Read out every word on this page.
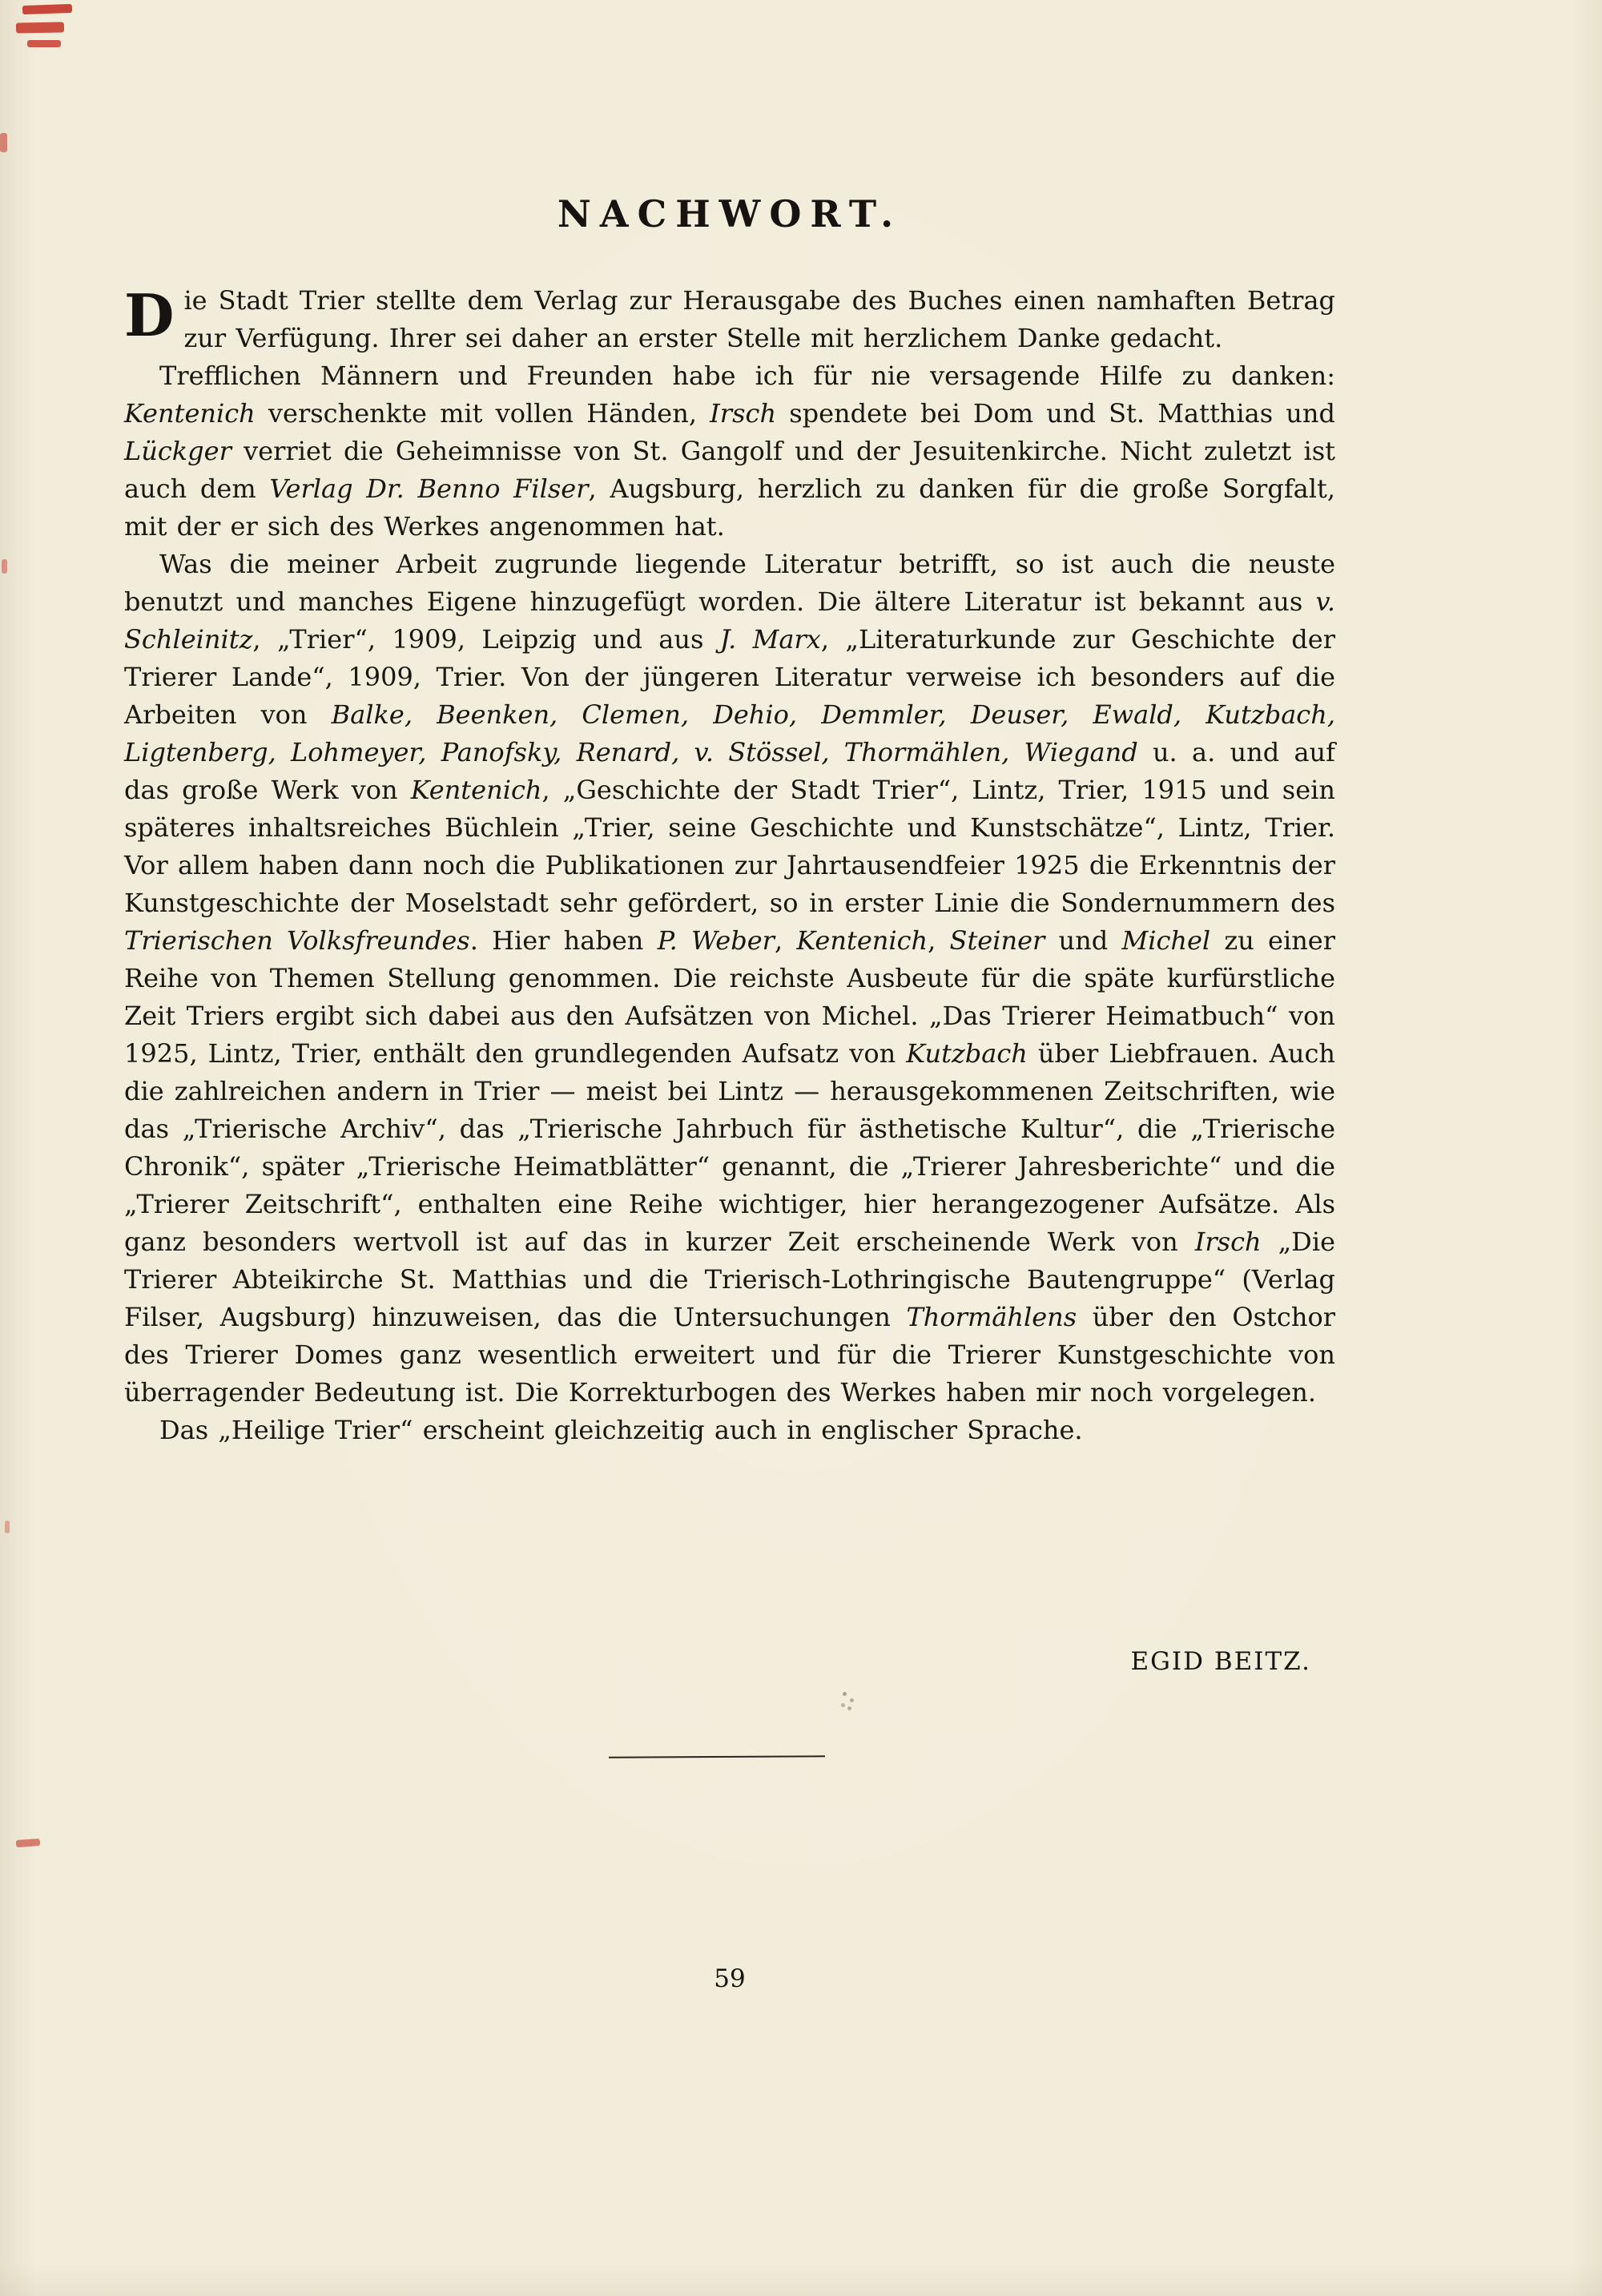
NACHWORT.

Die Stadt Trier stellte dem Verlag zur Herausgabe des Buches einen namhaften Betrag zur Verfügung. Ihrer sei daher an erster Stelle mit herzlichem Danke gedacht.

Trefflichen Männern und Freunden habe ich für nie versagende Hilfe zu danken: Kentenich verschenkte mit vollen Händen, Irsch spendete bei Dom und St. Matthias und Lückger verriet die Geheimnisse von St. Gangolf und der Jesuitenkirche. Nicht zuletzt ist auch dem Verlag Dr. Benno Filser, Augsburg, herzlich zu danken für die große Sorgfalt, mit der er sich des Werkes angenommen hat.

Was die meiner Arbeit zugrunde liegende Literatur betrifft, so ist auch die neuste benutzt und manches Eigene hinzugefügt worden. Die ältere Literatur ist bekannt aus v. Schleinitz, „Trier“, 1909, Leipzig und aus J. Marx, „Literaturkunde zur Geschichte der Trierer Lande“, 1909, Trier. Von der jüngeren Literatur verweise ich besonders auf die Arbeiten von Balke, Beenken, Clemen, Dehio, Demmler, Deuser, Ewald, Kutzbach, Ligtenberg, Lohmeyer, Panofsky, Renard, v. Stössel, Thormählen, Wiegand u. a. und auf das große Werk von Kentenich, „Geschichte der Stadt Trier“, Lintz, Trier, 1915 und sein späteres inhaltsreiches Büchlein „Trier, seine Geschichte und Kunstschätze“, Lintz, Trier. Vor allem haben dann noch die Publikationen zur Jahrtausendfeier 1925 die Erkenntnis der Kunstgeschichte der Moselstadt sehr gefördert, so in erster Linie die Sondernummern des Trierischen Volksfreundes. Hier haben P. Weber, Kentenich, Steiner und Michel zu einer Reihe von Themen Stellung genommen. Die reichste Ausbeute für die späte kurfürstliche Zeit Triers ergibt sich dabei aus den Aufsätzen von Michel. „Das Trierer Heimatbuch“ von 1925, Lintz, Trier, enthält den grundlegenden Aufsatz von Kutzbach über Liebfrauen. Auch die zahlreichen andern in Trier — meist bei Lintz — herausgekommenen Zeitschriften, wie das „Trierische Archiv“, das „Trierische Jahrbuch für ästhetische Kultur“, die „Trierische Chronik“, später „Trierische Heimatblätter“ genannt, die „Trierer Jahresberichte“ und die „Trierer Zeitschrift“, enthalten eine Reihe wichtiger, hier herangezogener Aufsätze. Als ganz besonders wertvoll ist auf das in kurzer Zeit erscheinende Werk von Irsch „Die Trierer Abteikirche St. Matthias und die Trierisch-Lothringische Bautengruppe“ (Verlag Filser, Augsburg) hinzuweisen, das die Untersuchungen Thormählens über den Ostchor des Trierer Domes ganz wesentlich erweitert und für die Trierer Kunstgeschichte von überragender Bedeutung ist. Die Korrekturbogen des Werkes haben mir noch vorgelegen.

Das „Heilige Trier“ erscheint gleichzeitig auch in englischer Sprache.

EGID BEITZ.
59
